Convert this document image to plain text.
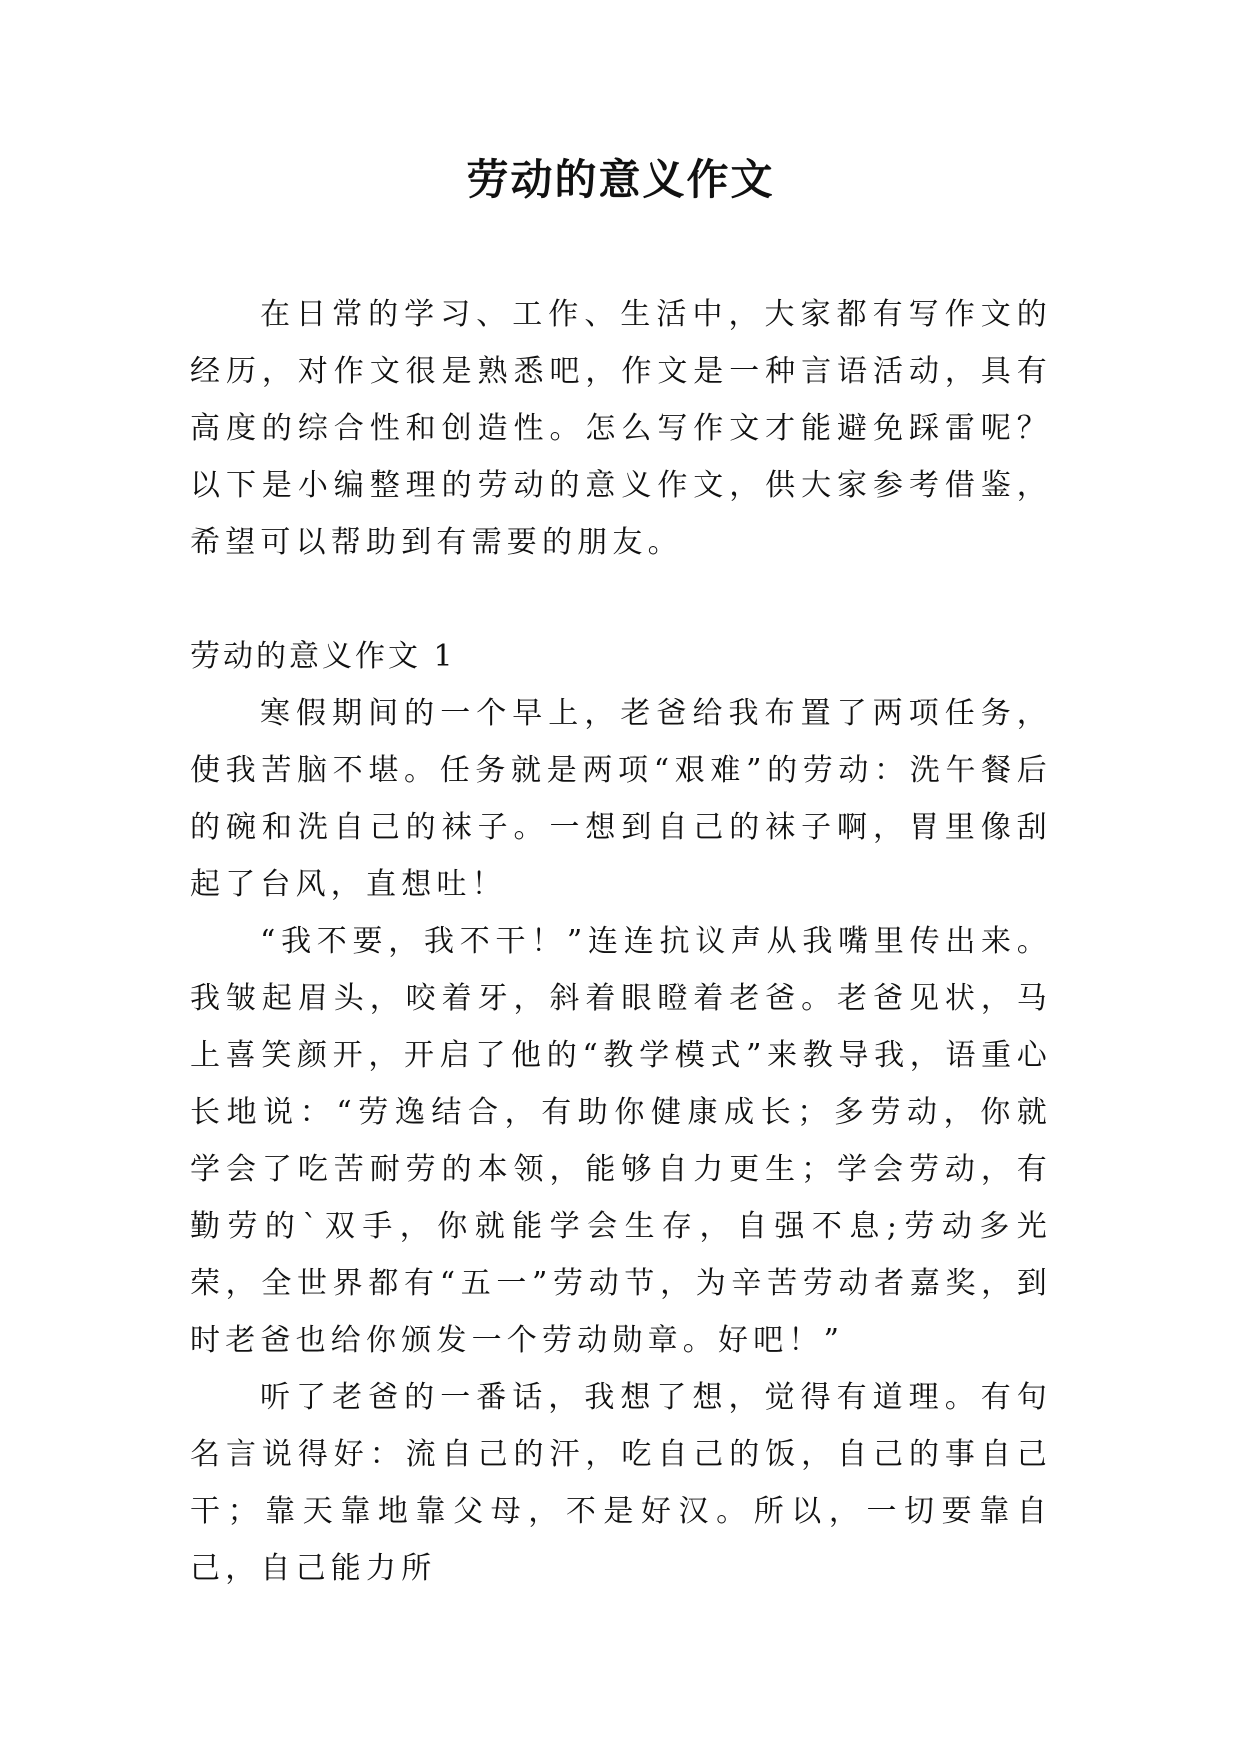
劳动的意义作文

在日常的学习、工作、生活中，大家都有写作文的经历，对作文很是熟悉吧，作文是一种言语活动，具有高度的综合性和创造性。怎么写作文才能避免踩雷呢？以下是小编整理的劳动的意义作文，供大家参考借鉴，希望可以帮助到有需要的朋友。

劳动的意义作文 1

寒假期间的一个早上，老爸给我布置了两项任务，使我苦脑不堪。任务就是两项“艰难”的劳动：洗午餐后的碗和洗自己的袜子。一想到自己的袜子啊，胃里像刮起了台风，直想吐！

“我不要，我不干！”连连抗议声从我嘴里传出来。我皱起眉头，咬着牙，斜着眼瞪着老爸。老爸见状，马上喜笑颜开，开启了他的“教学模式”来教导我，语重心长地说：“劳逸结合，有助你健康成长；多劳动，你就学会了吃苦耐劳的本领，能够自力更生；学会劳动，有勤劳的`双手，你就能学会生存，自强不息;劳动多光荣，全世界都有“五一”劳动节，为辛苦劳动者嘉奖，到时老爸也给你颁发一个劳动勋章。好吧！”

听了老爸的一番话，我想了想，觉得有道理。有句名言说得好：流自己的汗，吃自己的饭，自己的事自己干；靠天靠地靠父母，不是好汉。所以，一切要靠自己，自己能力所
